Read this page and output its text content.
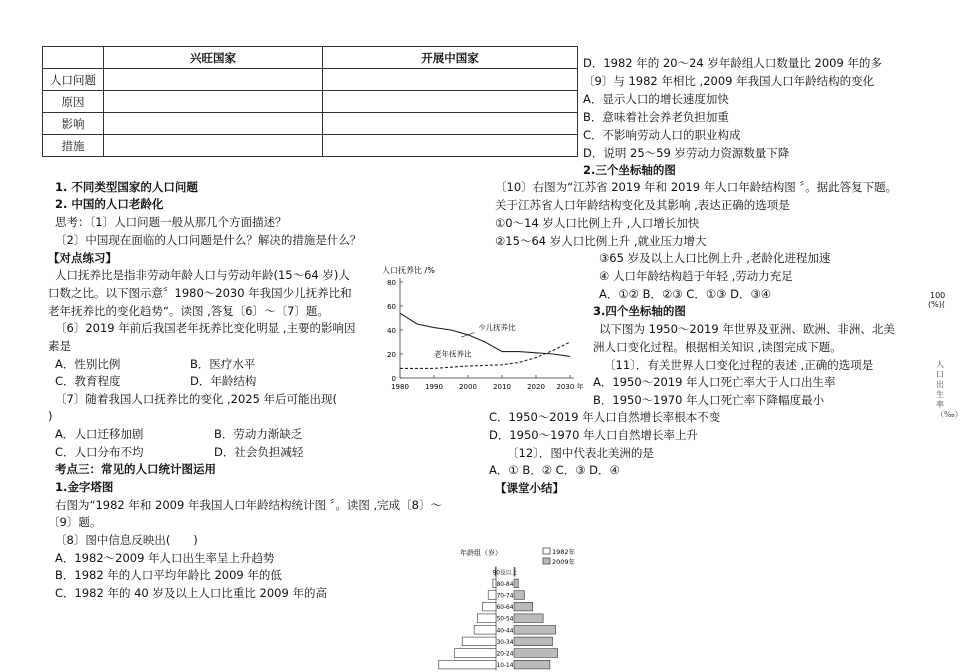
	兴旺国家	开展中国家
人口问题		
原因		
影响		
措施		
1. 不同类型国家的人口问题
2. 中国的人口老龄化
思考：〔1〕人口问题一般从那几个方面描述？
〔2〕中国现在面临的人口问题是什么？解决的措施是什么？
【对点练习】
人口抚养比是指非劳动年龄人口与劳动年龄(15～64 岁)人
口数之比。以下图示意〞1980～2030 年我国少儿抚养比和
老年抚养比的变化趋势“。读图 ,答复〔6〕～〔7〕题。
〔6〕2019 年前后我国老年抚养比变化明显 ,主要的影响因
素是
A．性别比例	B．医疗水平
C．教育程度	D．年龄结构
〔7〕随着我国人口抚养比的变化 ,2025 年后可能出现(
)
A．人口迁移加剧	B．劳动力渐缺乏
C．人口分布不均	D．社会负担减轻
考点三：常见的人口统计图运用
1.金字塔图
右图为“1982 年和 2009 年我国人口年龄结构统计图 〞。读图 ,完成〔8〕～
〔9〕题。
〔8〕图中信息反映出(　　)
A．1982～2009 年人口出生率呈上升趋势
B．1982 年的人口平均年龄比 2009 年的低
C．1982 年的 40 岁及以上人口比重比 2009 年的高
D．1982 年的 20～24 岁年龄组人口数量比 2009 年的多
〔9〕与 1982 年相比 ,2009 年我国人口年龄结构的变化
A．显示人口的增长速度加快
B．意味着社会养老负担加重
C．不影响劳动人口的职业构成
D．说明 25～59 岁劳动力资源数量下降
2.三个坐标轴的图
〔10〕右图为“江苏省 2019 年和 2019 年人口年龄结构图 〞。据此答复下题。
关于江苏省人口年龄结构变化及其影响 ,表达正确的选项是
①0～14 岁人口比例上升 ,人口增长加快
②15～64 岁人口比例上升 ,就业压力增大
③65 岁及以上人口比例上升 ,老龄化进程加速
④ 人口年龄结构趋于年轻 ,劳动力充足
A．①② B．②③ C．①③ D．③④
3.四个坐标轴的图
以下图为 1950～2019 年世界及亚洲、欧洲、非洲、北美
洲人口变化过程。根据相关知识 ,读图完成下题。
〔11〕．有关世界人口变化过程的表述 ,正确的选项是
A．1950～2019 年人口死亡率大于人口出生率
B．1950～1970 年人口死亡率下降幅度最小
C．1950～2019 年人口自然增长率根本不变
D．1950～1970 年人口自然增长率上升
〔12〕．图中代表北美洲的是
A．① B．② C．③ D．④
【课堂小结】
100
(%)(
人口出生率（‰）
人口抚养比 /%
0
20
40
60
80
1980 1990 2000 2010 2020 2030 年
少儿抚养比
老年抚养比
年龄组（岁）	1982年
2009年
90及以上
80-84
70-74
60-64
50-54
40-44
30-34
20-24
10-14
